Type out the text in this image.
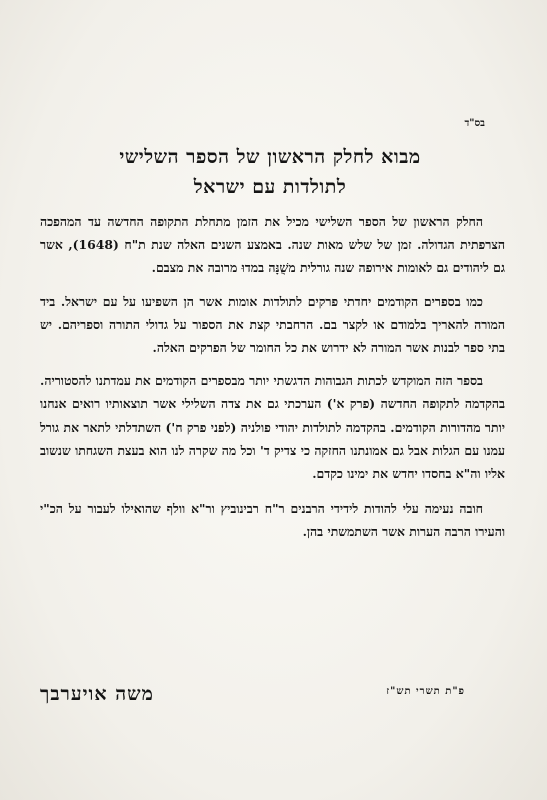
בס"ד
מבוא לחלק הראשון של הספר השלישי
לתולדות עם ישראל

החלק הראשון של הספר השלישי מכיל את הזמן מתחלת התקופה החדשה עד המהפכה הצרפתית הגדולה. זמן של שלש מאות שנה. באמצע השנים האלה שנת ת"ח (1648), אשר גם ליהודים גם לאומות אירופה שנה גורלית משֻׁנָּה במדוּ מרובה את מצבם.

כמו בספרים הקודמים יחדתי פרקים לתולדות אומות אשר הן השפיעו על עם ישראל. ביד המורה להאריך בלמודם או לקצר בם. הרחבתי קצת את הספור על גדולי התורה וספריהם. יש בתי ספר לבנות אשר המורה לא ידרוש את כל החומר של הפרקים האלה.

בספר הזה המוקדש לכתות הגבוהות הדגשתי יותר מבספרים הקודמים את עמדתנו להסטוריה. בהקדמה לתקופה החדשה (פרק א') הערכתי גם את צדה השלילי אשר תוצאותיו רואים אנחנו יותר מהדורות הקודמים. בהקדמה לתולדות יהודי פולניה (לפני פרק ח') השתדלתי לתאר את גורל עמנו עם הגלות אבל גם אמונתנו החזקה כי צדיק ד' וכל מה שקרה לנו הוא בעצת השגחתו שנשוב אליו וה"א בחסדו יחדש את ימינו כקדם.

חובה נעימה עלי להודות לידידי הרבנים ר"ח רבינוביץ ור"א וולף שהואילו לעבור על הכ"י והעירו הרבה הערות אשר השתמשתי בהן.

פ"ת תשרי תש"ז
משה אויערבך
